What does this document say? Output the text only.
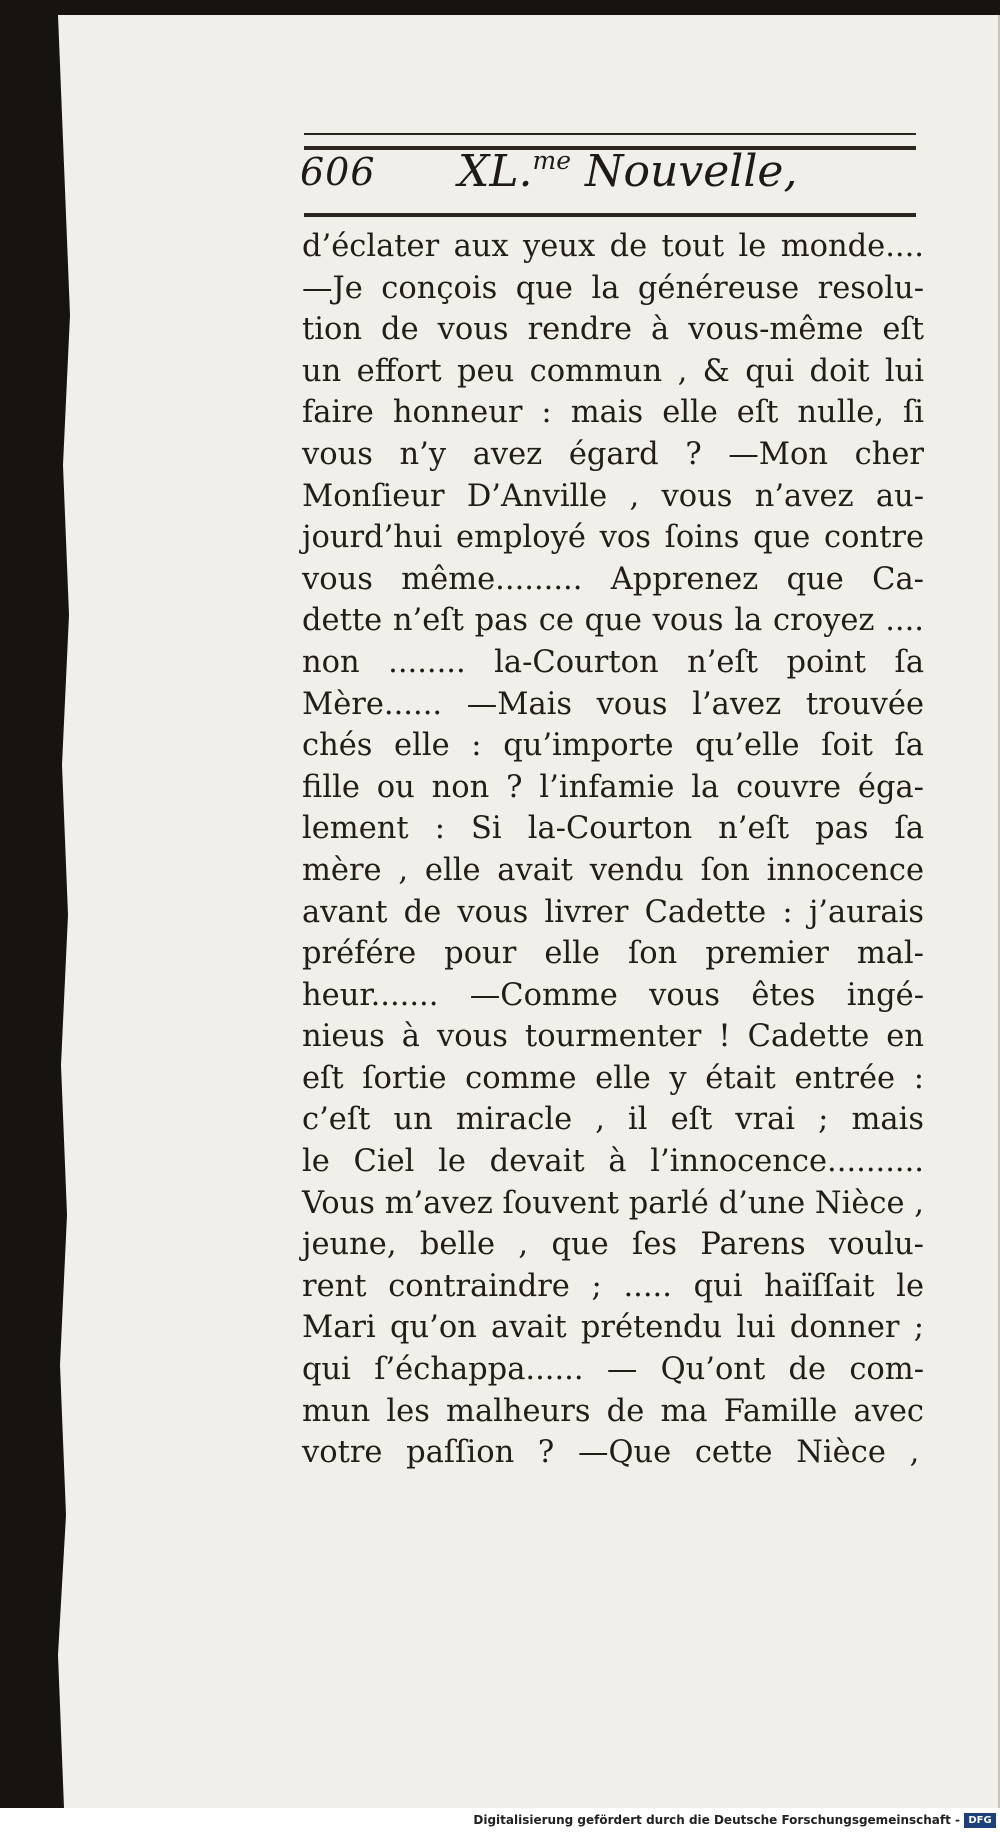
606 XL.$^{me}$ Nouvelle,
d’éclater aux yeux de tout le monde....
—Je conçois que la généreuse resolu-
tion de vous rendre à vous-même eſt
un effort peu commun , & qui doit lui
faire honneur : mais elle eſt nulle, ſi
vous n’y avez égard ? —Mon cher
Monſieur D’Anville , vous n’avez au-
jourd’hui employé vos ſoins que contre
vous même......... Apprenez que Ca-
dette n’eſt pas ce que vous la croyez ....
non ........ la-Courton n’eſt point ſa
Mère...... —Mais vous l’avez trouvée
chés elle : qu’importe qu’elle ſoit ſa
fille ou non ? l’infamie la couvre éga-
lement : Si la-Courton n’eſt pas ſa
mère , elle avait vendu ſon innocence
avant de vous livrer Cadette : j’aurais
préfére pour elle ſon premier mal-
heur....... —Comme vous êtes ingé-
nieus à vous tourmenter ! Cadette en
eſt ſortie comme elle y était entrée :
c’eſt un miracle , il eſt vrai ; mais
le Ciel le devait à l’innocence..........
Vous m’avez ſouvent parlé d’une Nièce ,
jeune, belle , que ſes Parens voulu-
rent contraindre ; ..... qui haïſſait le
Mari qu’on avait prétendu lui donner ;
qui ſ’échappa...... — Qu’ont de com-
mun les malheurs de ma Famille avec
votre paſſion ? —Que cette Nièce ,
Digitalisierung gefördert durch die Deutsche Forschungsgemeinschaft - DFG
